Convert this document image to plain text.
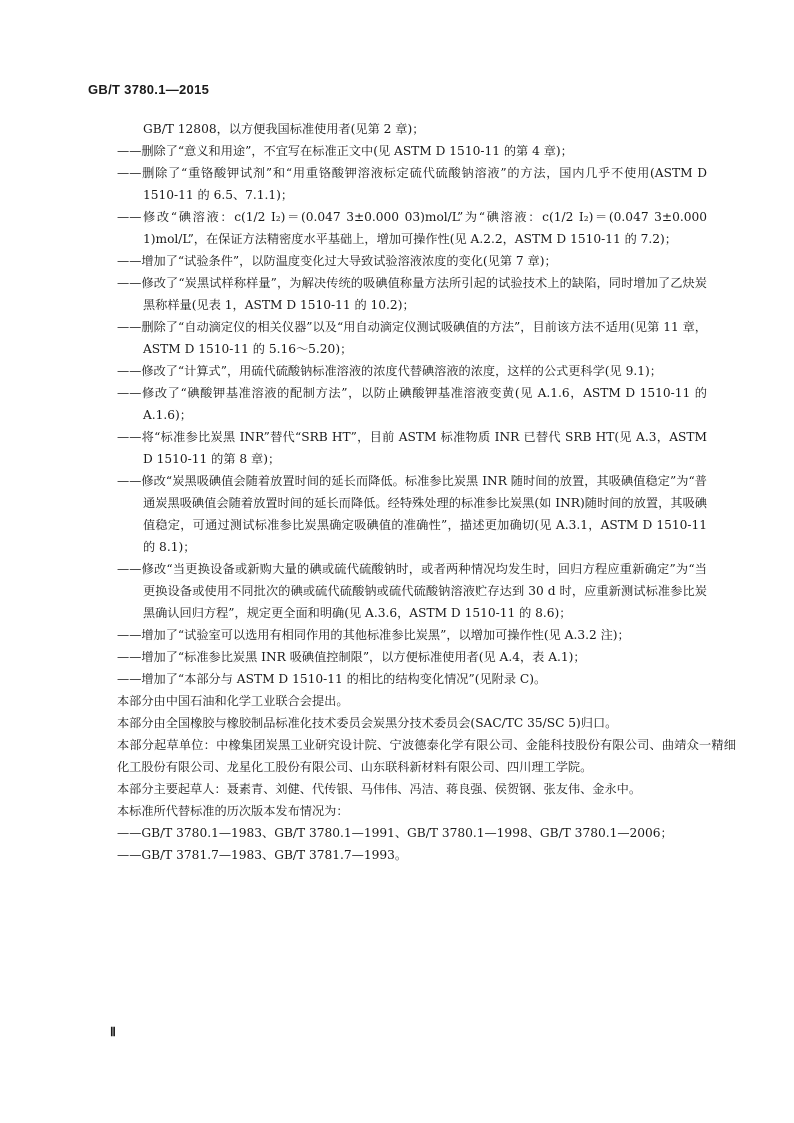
GB/T 3780.1—2015

GB/T 12808，以方便我国标准使用者(见第 2 章)；

——删除了“意义和用途”，不宜写在标准正文中(见 ASTM D 1510-11 的第 4 章)；

——删除了“重铬酸钾试剂”和“用重铬酸钾溶液标定硫代硫酸钠溶液”的方法，国内几乎不使用(ASTM D 1510-11 的 6.5、7.1.1)；

——修改“碘溶液：c(1/2 I₂)＝(0.047 3±0.000 03)mol/L”为“碘溶液：c(1/2 I₂)＝(0.047 3±0.000 1)mol/L”，在保证方法精密度水平基础上，增加可操作性(见 A.2.2，ASTM D 1510-11 的 7.2)；

——增加了“试验条件”，以防温度变化过大导致试验溶液浓度的变化(见第 7 章)；

——修改了“炭黑试样称样量”，为解决传统的吸碘值称量方法所引起的试验技术上的缺陷，同时增加了乙炔炭黑称样量(见表 1，ASTM D 1510-11 的 10.2)；

——删除了“自动滴定仪的相关仪器”以及“用自动滴定仪测试吸碘值的方法”，目前该方法不适用(见第 11 章，ASTM D 1510-11 的 5.16～5.20)；

——修改了“计算式”，用硫代硫酸钠标准溶液的浓度代替碘溶液的浓度，这样的公式更科学(见 9.1)；

——修改了“碘酸钾基准溶液的配制方法”，以防止碘酸钾基准溶液变黄(见 A.1.6，ASTM D 1510-11 的 A.1.6)；

——将“标准参比炭黑 INR”替代“SRB HT”，目前 ASTM 标准物质 INR 已替代 SRB HT(见 A.3，ASTM D 1510-11 的第 8 章)；

——修改“炭黑吸碘值会随着放置时间的延长而降低。标准参比炭黑 INR 随时间的放置，其吸碘值稳定”为“普通炭黑吸碘值会随着放置时间的延长而降低。经特殊处理的标准参比炭黑(如 INR)随时间的放置，其吸碘值稳定，可通过测试标准参比炭黑确定吸碘值的准确性”，描述更加确切(见 A.3.1，ASTM D 1510-11 的 8.1)；

——修改“当更换设备或新购大量的碘或硫代硫酸钠时，或者两种情况均发生时，回归方程应重新确定”为“当更换设备或使用不同批次的碘或硫代硫酸钠或硫代硫酸钠溶液贮存达到 30 d 时，应重新测试标准参比炭黑确认回归方程”，规定更全面和明确(见 A.3.6，ASTM D 1510-11 的 8.6)；

——增加了“试验室可以选用有相同作用的其他标准参比炭黑”，以增加可操作性(见 A.3.2 注)；

——增加了“标准参比炭黑 INR 吸碘值控制限”，以方便标准使用者(见 A.4，表 A.1)；

——增加了“本部分与 ASTM D 1510-11 的相比的结构变化情况”(见附录 C)。

本部分由中国石油和化学工业联合会提出。

本部分由全国橡胶与橡胶制品标准化技术委员会炭黑分技术委员会(SAC/TC 35/SC 5)归口。

本部分起草单位：中橡集团炭黑工业研究设计院、宁波德泰化学有限公司、金能科技股份有限公司、曲靖众一精细化工股份有限公司、龙星化工股份有限公司、山东联科新材料有限公司、四川理工学院。

本部分主要起草人：聂素青、刘健、代传银、马伟伟、冯洁、蒋良强、侯贺钢、张友伟、金永中。

本标准所代替标准的历次版本发布情况为：

——GB/T 3780.1—1983、GB/T 3780.1—1991、GB/T 3780.1—1998、GB/T 3780.1—2006；

——GB/T 3781.7—1983、GB/T 3781.7—1993。

Ⅱ
